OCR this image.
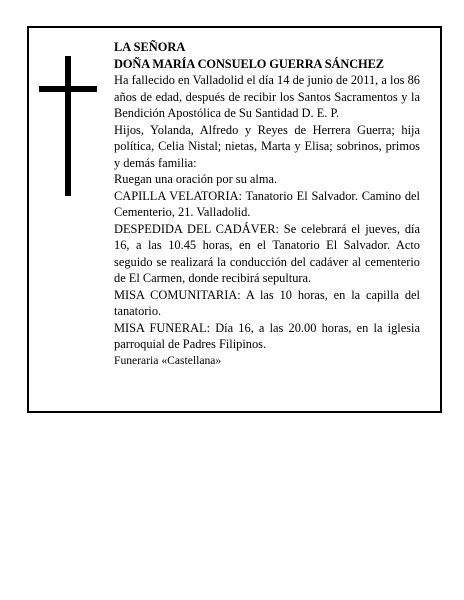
LA SEÑORA

DOÑA MARÍA CONSUELO GUERRA SÁNCHEZ

Ha fallecido en Valladolid el día 14 de junio de 2011, a los 86 años de edad, después de recibir los Santos Sacramentos y la Bendición Apostólica de Su Santidad D. E. P.

Hijos, Yolanda, Alfredo y Reyes de Herrera Guerra; hija política, Celia Nistal; nietas, Marta y Elisa; sobrinos, primos y demás familia:

Ruegan una oración por su alma.

CAPILLA VELATORIA: Tanatorio El Salvador. Camino del Cementerio, 21. Valladolid.

DESPEDIDA DEL CADÁVER: Se celebrará el jueves, día 16, a las 10.45 horas, en el Tanatorio El Salvador. Acto seguido se realizará la conducción del cadáver al cementerio de El Carmen, donde recibirá sepultura.

MISA COMUNITARIA: A las 10 horas, en la capilla del tanatorio.

MISA FUNERAL: Día 16, a las 20.00 horas, en la iglesia parroquial de Padres Filipinos.

Funeraria «Castellana»
